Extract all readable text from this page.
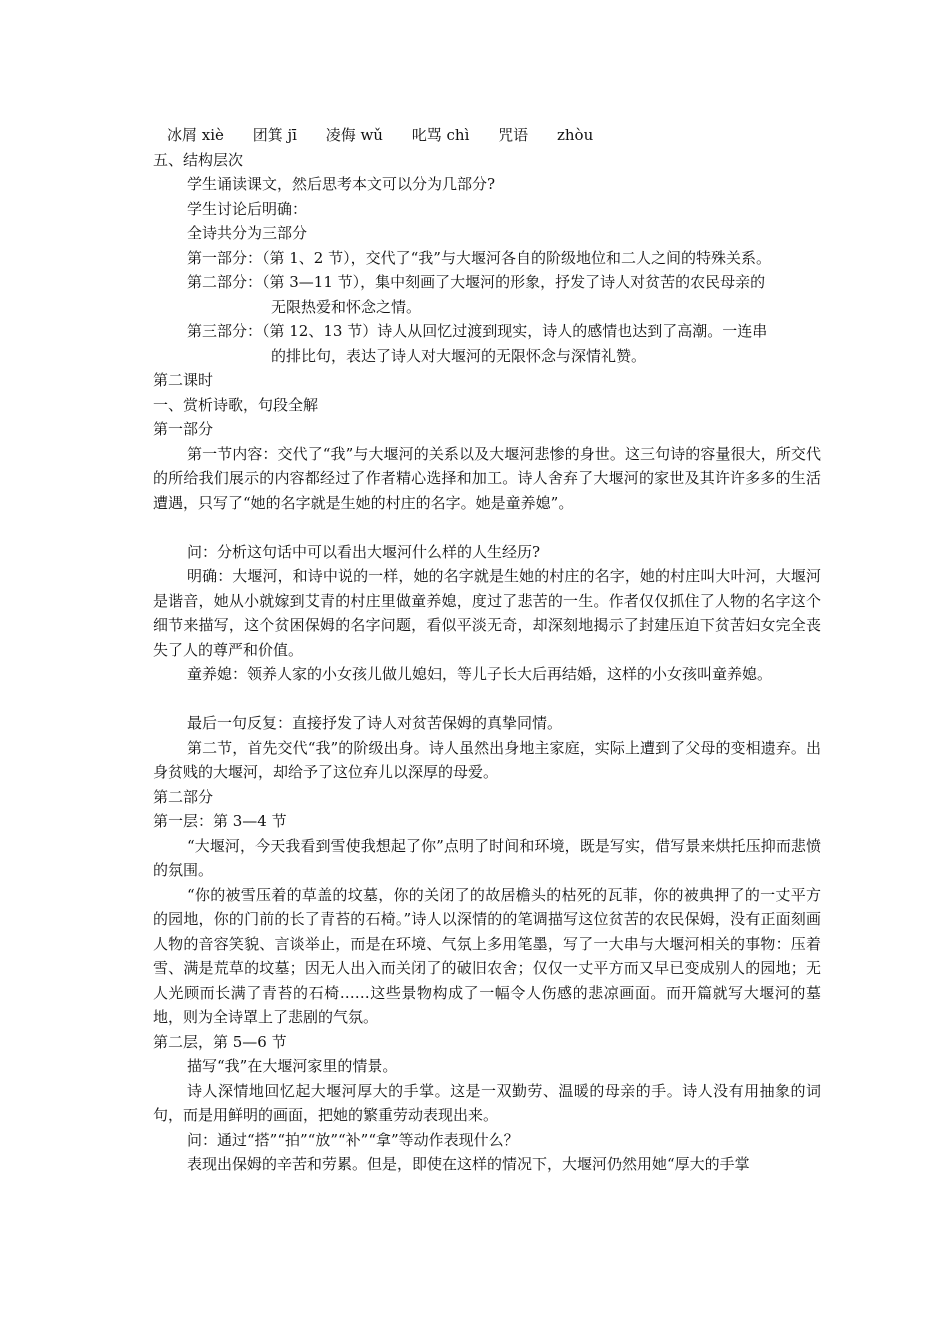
冰屑 xiè 团箕 jī 凌侮 wǔ 叱骂 chì 咒语 zhòu
五、结构层次
学生诵读课文，然后思考本文可以分为几部分?
学生讨论后明确：
全诗共分为三部分

第一部分：（第 1、2 节），交代了“我”与大堰河各自的阶级地位和二人之间的特殊关系。

第二部分：（第 3—11 节），集中刻画了大堰河的形象，抒发了诗人对贫苦的农民母亲的无限热爱和怀念之情。

第三部分：（第 12、13 节）诗人从回忆过渡到现实，诗人的感情也达到了高潮。一连串的排比句，表达了诗人对大堰河的无限怀念与深情礼赞。

第二课时
一、赏析诗歌，句段全解
第一部分

第一节内容：交代了“我”与大堰河的关系以及大堰河悲惨的身世。这三句诗的容量很大，所交代的所给我们展示的内容都经过了作者精心选择和加工。诗人舍弃了大堰河的家世及其许许多多的生活遭遇，只写了“她的名字就是生她的村庄的名字。她是童养媳”。

问：分析这句话中可以看出大堰河什么样的人生经历?

明确：大堰河，和诗中说的一样，她的名字就是生她的村庄的名字，她的村庄叫大叶河，大堰河是谐音，她从小就嫁到艾青的村庄里做童养媳，度过了悲苦的一生。作者仅仅抓住了人物的名字这个细节来描写，这个贫困保姆的名字问题，看似平淡无奇，却深刻地揭示了封建压迫下贫苦妇女完全丧失了人的尊严和价值。

童养媳：领养人家的小女孩儿做儿媳妇，等儿子长大后再结婚，这样的小女孩叫童养媳。

最后一句反复：直接抒发了诗人对贫苦保姆的真挚同情。

第二节，首先交代“我”的阶级出身。诗人虽然出身地主家庭，实际上遭到了父母的变相遗弃。出身贫贱的大堰河，却给予了这位弃儿以深厚的母爱。

第二部分
第一层：第 3—4 节

“大堰河，今天我看到雪使我想起了你”点明了时间和环境，既是写实，借写景来烘托压抑而悲愤的氛围。

“你的被雪压着的草盖的坟墓，你的关闭了的故居檐头的枯死的瓦菲，你的被典押了的一丈平方的园地，你的门前的长了青苔的石椅。”诗人以深情的的笔调描写这位贫苦的农民保姆，没有正面刻画人物的音容笑貌、言谈举止，而是在环境、气氛上多用笔墨，写了一大串与大堰河相关的事物：压着雪、满是荒草的坟墓；因无人出入而关闭了的破旧农舍；仅仅一丈平方而又早已变成别人的园地；无人光顾而长满了青苔的石椅……这些景物构成了一幅令人伤感的悲凉画面。而开篇就写大堰河的墓地，则为全诗罩上了悲剧的气氛。

第二层，第 5—6 节

描写“我”在大堰河家里的情景。

诗人深情地回忆起大堰河厚大的手掌。这是一双勤劳、温暖的母亲的手。诗人没有用抽象的词句，而是用鲜明的画面，把她的繁重劳动表现出来。

问：通过“搭”“拍”“放”“补”“拿”等动作表现什么？

表现出保姆的辛苦和劳累。但是，即使在这样的情况下，大堰河仍然用她“厚大的手掌
